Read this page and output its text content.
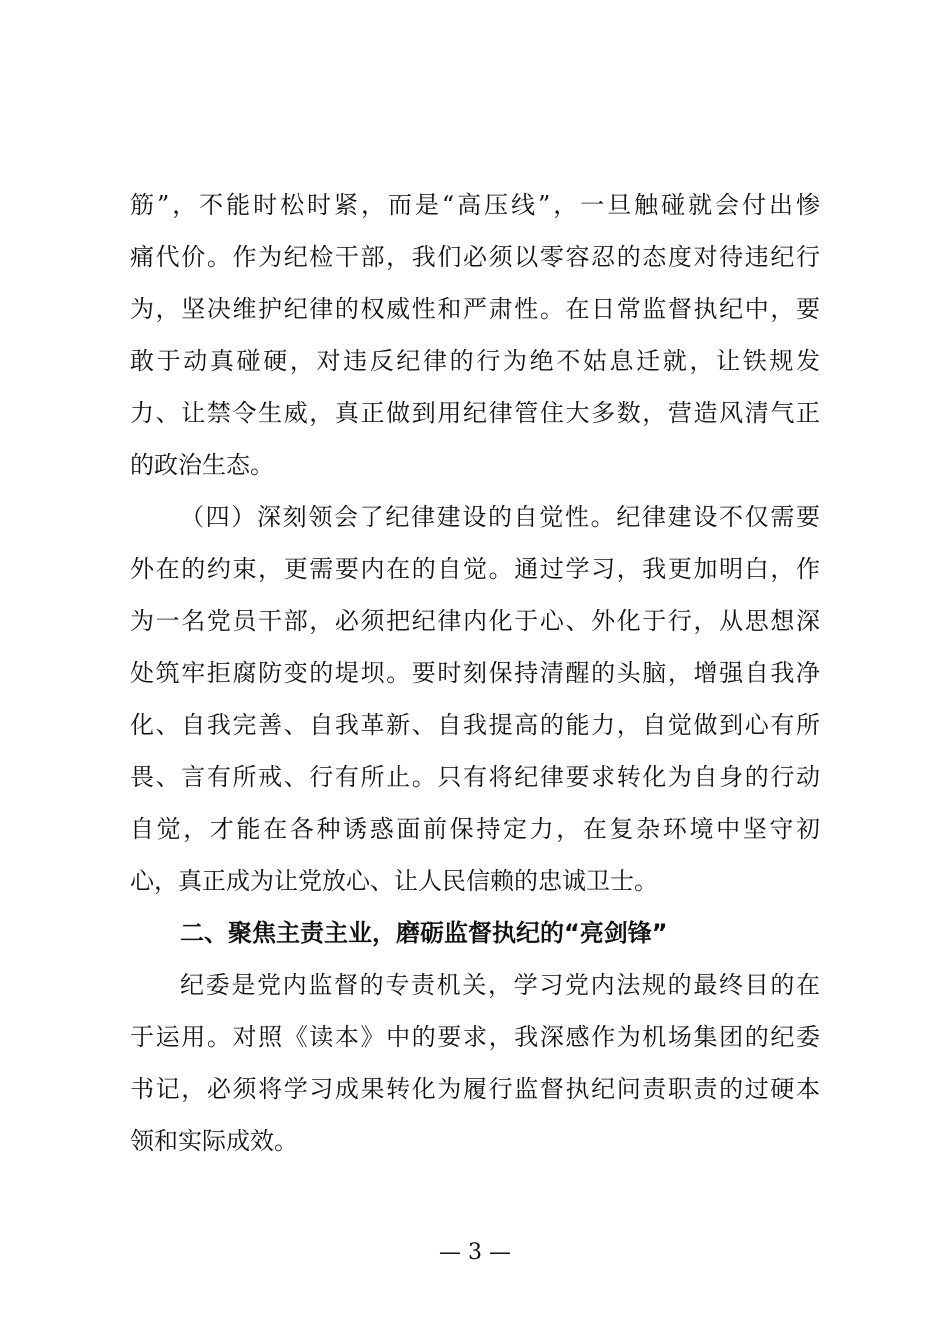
筋”，不能时松时紧，而是“高压线”，一旦触碰就会付出惨
痛代价。作为纪检干部，我们必须以零容忍的态度对待违纪行
为，坚决维护纪律的权威性和严肃性。在日常监督执纪中，要
敢于动真碰硬，对违反纪律的行为绝不姑息迁就，让铁规发
力、让禁令生威，真正做到用纪律管住大多数，营造风清气正
的政治生态。
（四）深刻领会了纪律建设的自觉性。纪律建设不仅需要
外在的约束，更需要内在的自觉。通过学习，我更加明白，作
为一名党员干部，必须把纪律内化于心、外化于行，从思想深
处筑牢拒腐防变的堤坝。要时刻保持清醒的头脑，增强自我净
化、自我完善、自我革新、自我提高的能力，自觉做到心有所
畏、言有所戒、行有所止。只有将纪律要求转化为自身的行动
自觉，才能在各种诱惑面前保持定力，在复杂环境中坚守初
心，真正成为让党放心、让人民信赖的忠诚卫士。
二、聚焦主责主业，磨砺监督执纪的“亮剑锋”
纪委是党内监督的专责机关，学习党内法规的最终目的在
于运用。对照《读本》中的要求，我深感作为机场集团的纪委
书记，必须将学习成果转化为履行监督执纪问责职责的过硬本
领和实际成效。
— 3 —
